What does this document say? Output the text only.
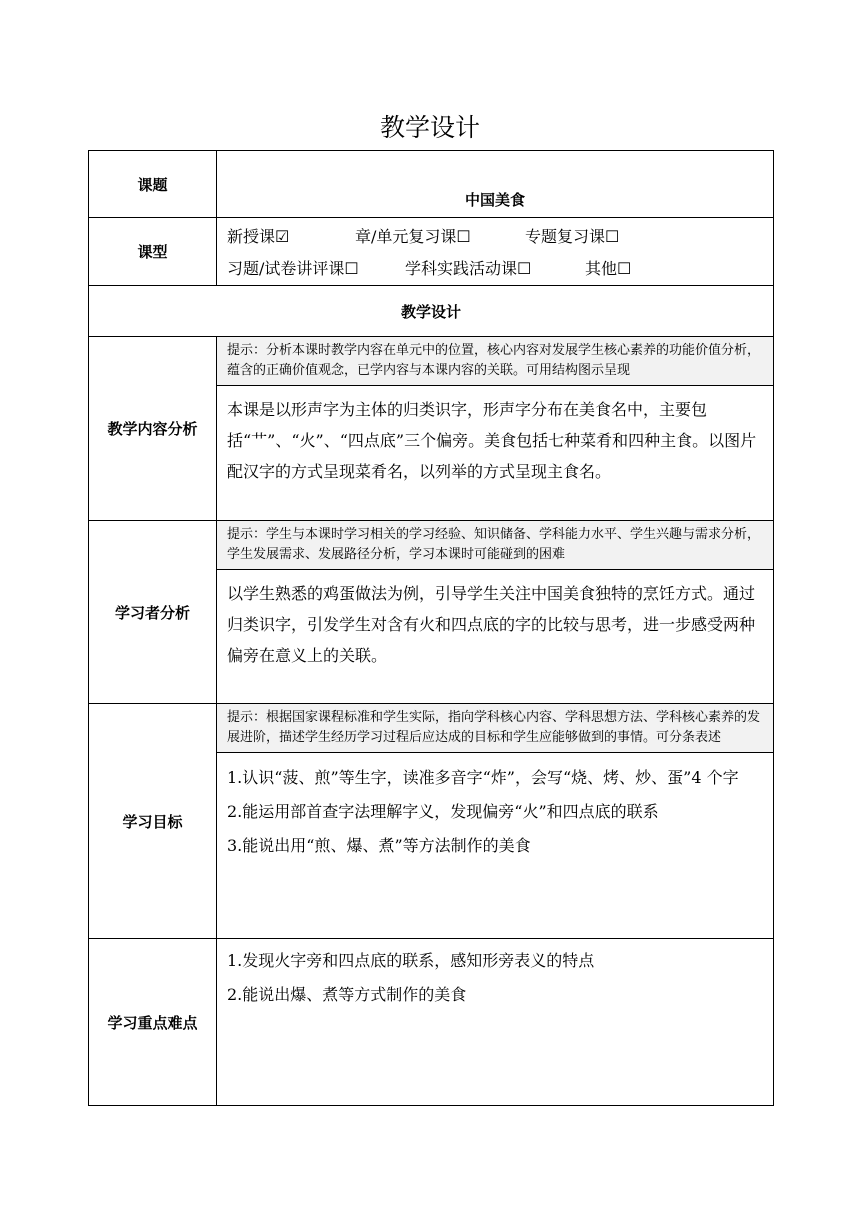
教学设计
课题	中国美食
课型	新授课☑ 章/单元复习课☐ 专题复习课☐
习题/试卷讲评课☐ 学科实践活动课☐ 其他☐

教学设计	
教学内容分析	提示：分析本课时教学内容在单元中的位置，核心内容对发展学生核心素养的功能价值分析，蕴含的正确价值观念，已学内容与本课内容的关联。可用结构图示呈现
本课是以形声字为主体的归类识字，形声字分布在美食名中，主要包括“艹”、“火”、“四点底”三个偏旁。美食包括七种菜肴和四种主食。以图片配汉字的方式呈现菜肴名，以列举的方式呈现主食名。

学习者分析	提示：学生与本课时学习相关的学习经验、知识储备、学科能力水平、学生兴趣与需求分析，学生发展需求、发展路径分析，学习本课时可能碰到的困难
以学生熟悉的鸡蛋做法为例，引导学生关注中国美食独特的烹饪方式。通过归类识字，引发学生对含有火和四点底的字的比较与思考，进一步感受两种偏旁在意义上的关联。

学习目标	提示：根据国家课程标准和学生实际，指向学科核心内容、学科思想方法、学科核心素养的发展进阶，描述学生经历学习过程后应达成的目标和学生应能够做到的事情。可分条表述
1.认识“菠、煎”等生字，读准多音字“炸”，会写“烧、烤、炒、蛋”4 个字
2.能运用部首查字法理解字义，发现偏旁“火”和四点底的联系
3.能说出用“煎、爆、煮”等方法制作的美食

学习重点难点	1.发现火字旁和四点底的联系，感知形旁表义的特点
2.能说出爆、煮等方式制作的美食
